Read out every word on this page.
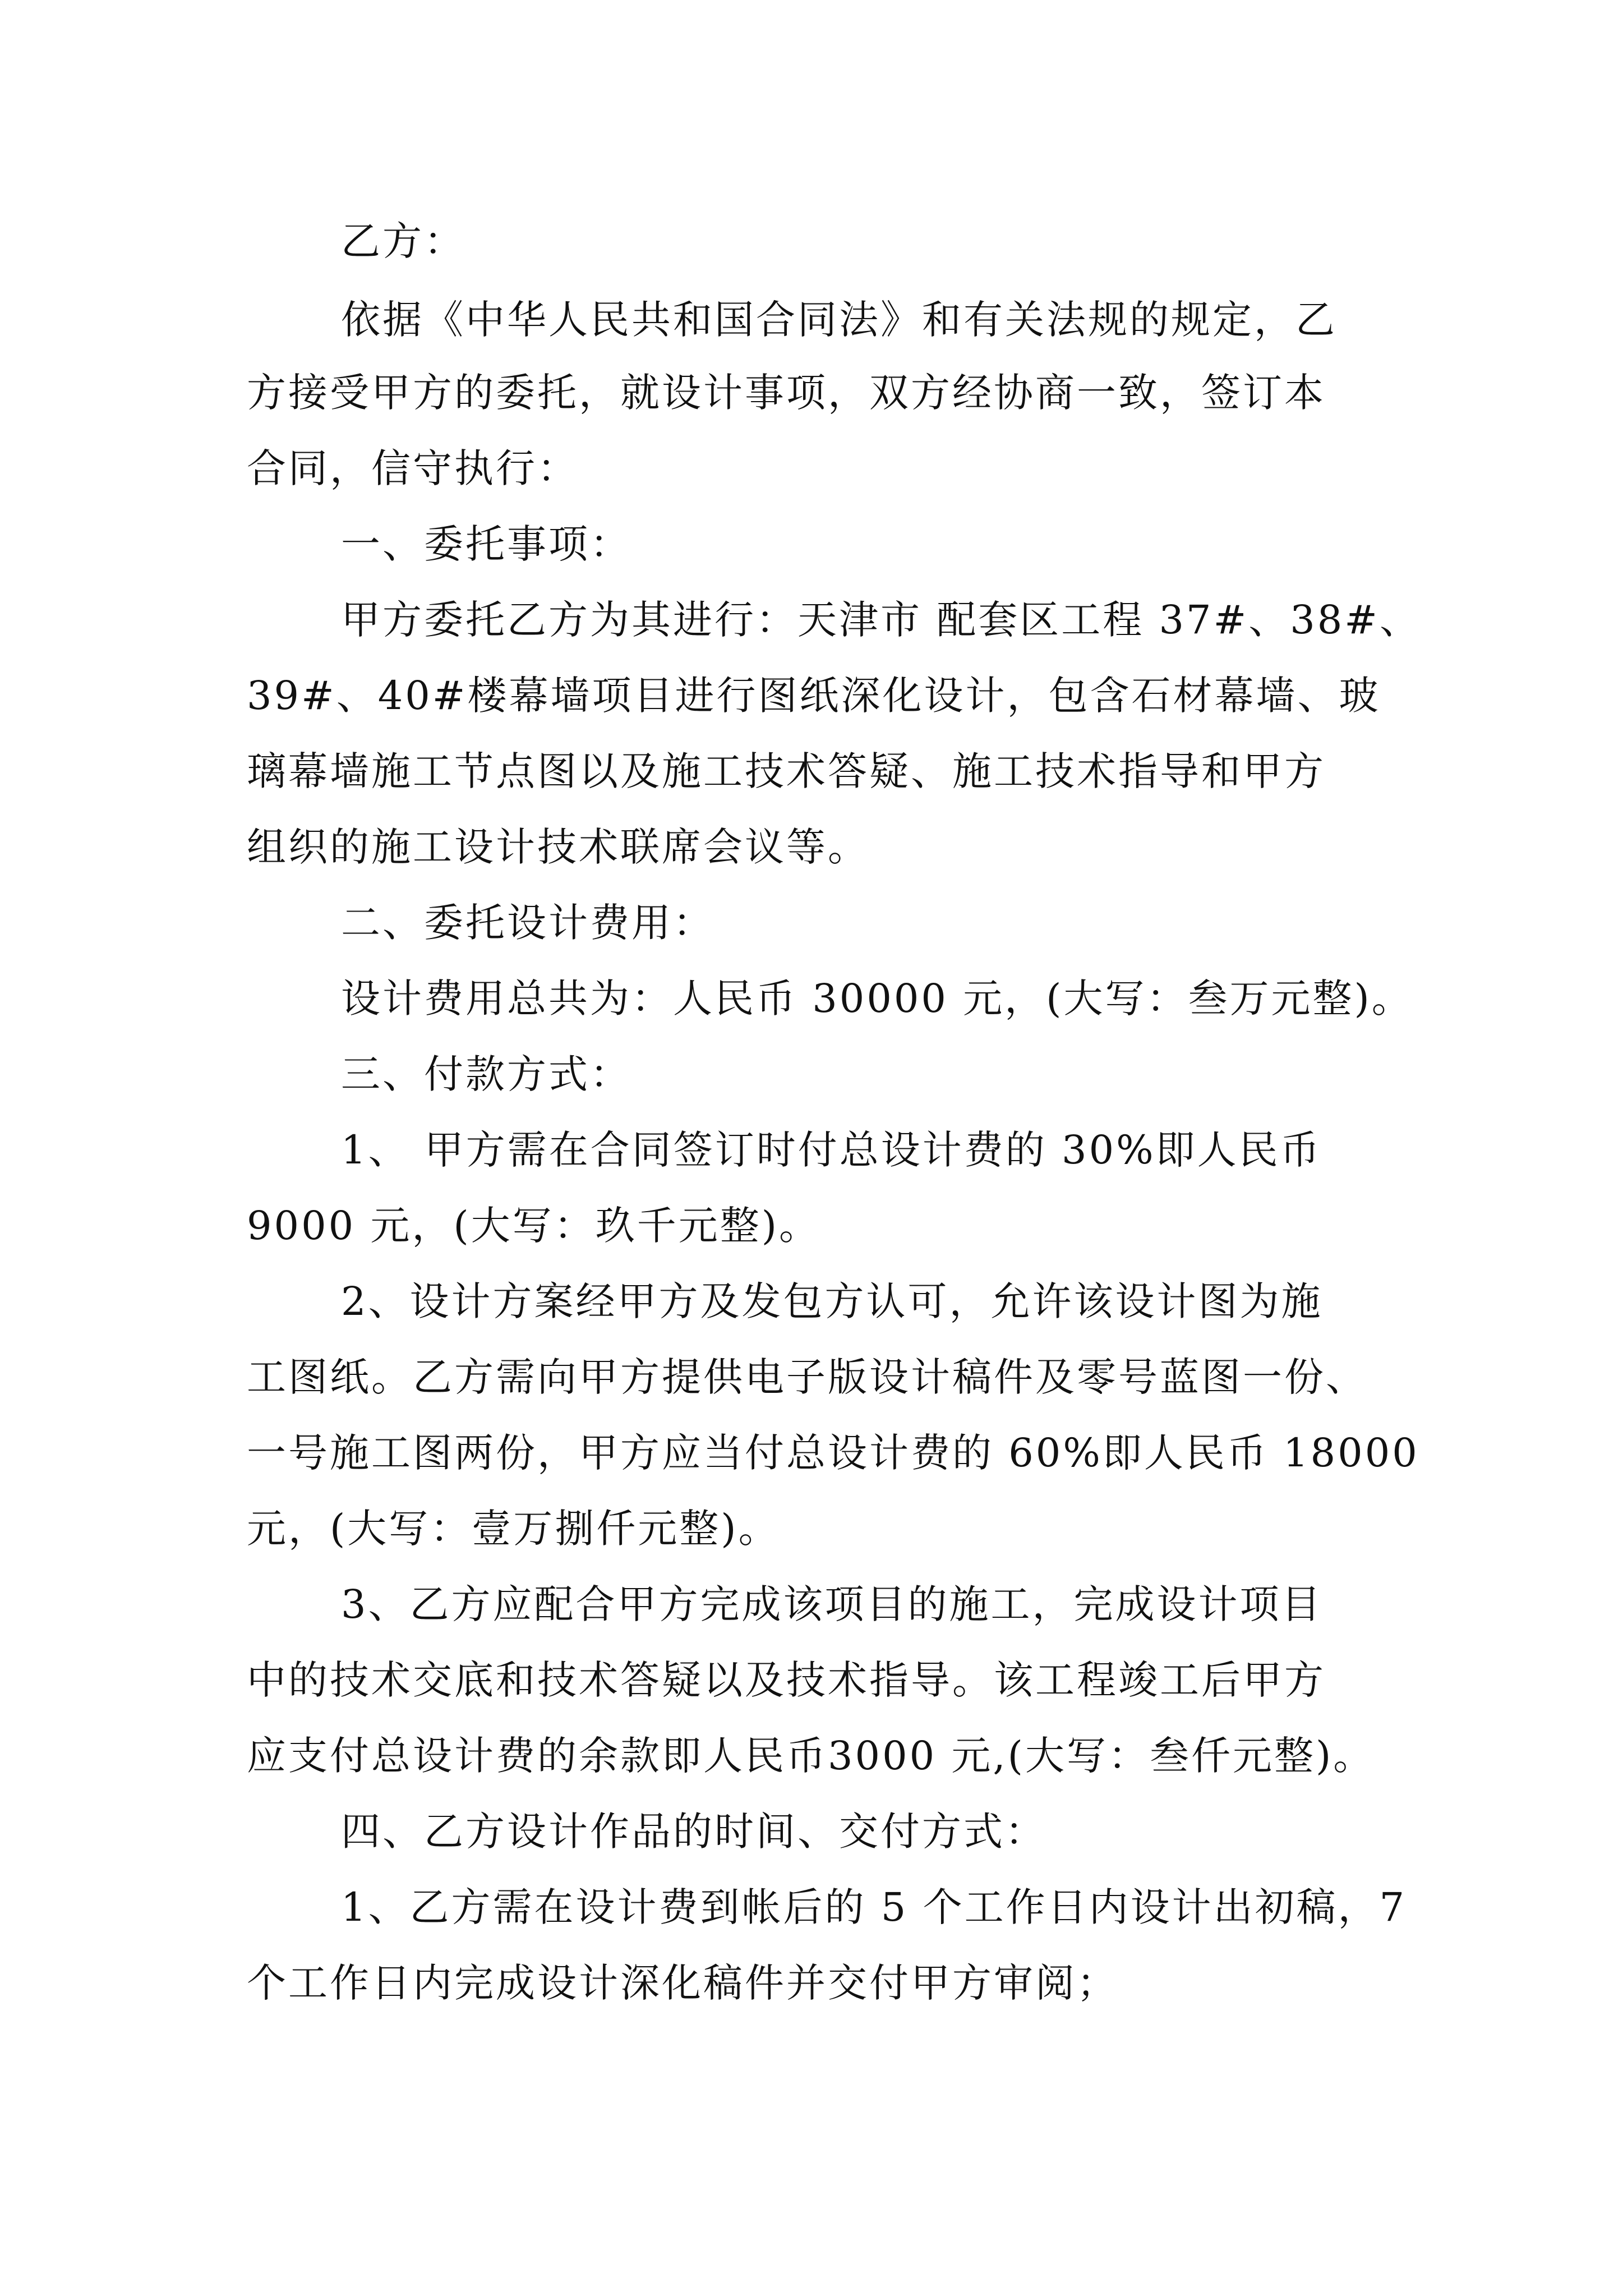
乙方：
依据《中华人民共和国合同法》和有关法规的规定，乙
方接受甲方的委托，就设计事项，双方经协商一致，签订本
合同，信守执行：
一、委托事项：
甲方委托乙方为其进行：天津市 配套区工程 37#、38#、
39#、40#楼幕墙项目进行图纸深化设计，包含石材幕墙、玻
璃幕墙施工节点图以及施工技术答疑、施工技术指导和甲方
组织的施工设计技术联席会议等。
二、委托设计费用：
设计费用总共为：人民币 30000 元，(大写：叁万元整)。
三、付款方式：
1、 甲方需在合同签订时付总设计费的 30%即人民币
9000 元，(大写：玖千元整)。
2、设计方案经甲方及发包方认可，允许该设计图为施
工图纸。乙方需向甲方提供电子版设计稿件及零号蓝图一份、
一号施工图两份，甲方应当付总设计费的 60%即人民币 18000
元，(大写：壹万捌仟元整)。
3、乙方应配合甲方完成该项目的施工，完成设计项目
中的技术交底和技术答疑以及技术指导。该工程竣工后甲方
应支付总设计费的余款即人民币3000 元,(大写：叁仟元整)。
四、乙方设计作品的时间、交付方式：
1、乙方需在设计费到帐后的 5 个工作日内设计出初稿，7
个工作日内完成设计深化稿件并交付甲方审阅；
